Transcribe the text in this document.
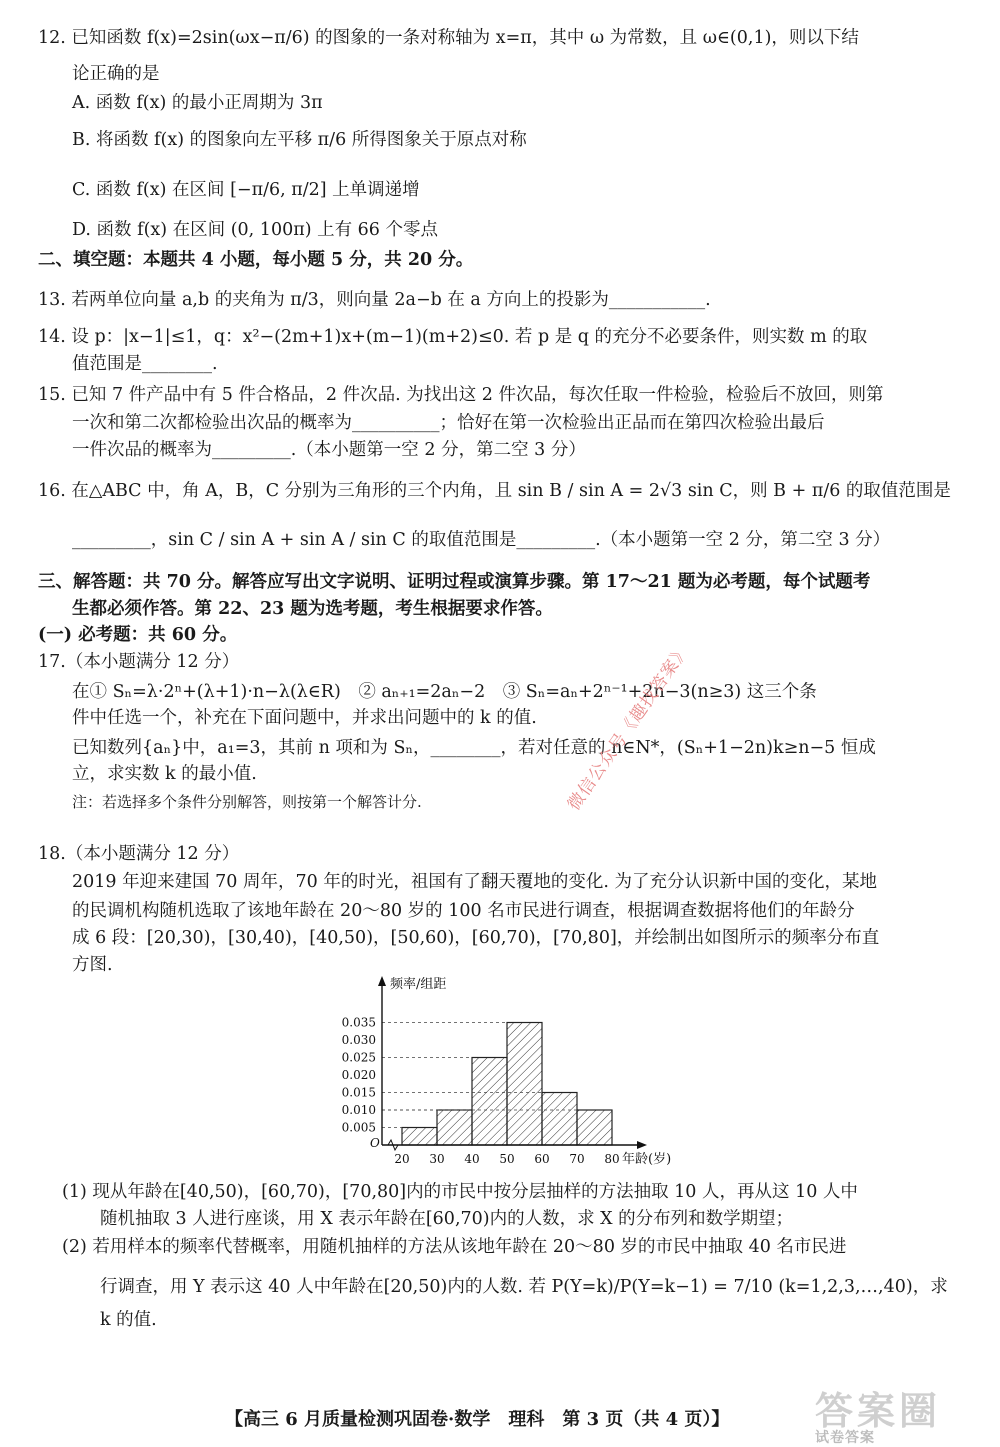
12. 已知函数 f(x)=2sin(ωx−π/6) 的图象的一条对称轴为 x=π，其中 ω 为常数，且 ω∈(0,1)，则以下结
论正确的是
A. 函数 f(x) 的最小正周期为 3π
B. 将函数 f(x) 的图象向左平移 π/6 所得图象关于原点对称
C. 函数 f(x) 在区间 [−π/6, π/2] 上单调递增
D. 函数 f(x) 在区间 (0, 100π) 上有 66 个零点
二、填空题：本题共 4 小题，每小题 5 分，共 20 分。
13. 若两单位向量 a,b 的夹角为 π/3，则向量 2a−b 在 a 方向上的投影为___________.
14. 设 p：|x−1|≤1，q：x²−(2m+1)x+(m−1)(m+2)≤0. 若 p 是 q 的充分不必要条件，则实数 m 的取
值范围是________.
15. 已知 7 件产品中有 5 件合格品，2 件次品. 为找出这 2 件次品，每次任取一件检验，检验后不放回，则第
一次和第二次都检验出次品的概率为__________；恰好在第一次检验出正品而在第四次检验出最后
一件次品的概率为_________.（本小题第一空 2 分，第二空 3 分）
16. 在△ABC 中，角 A，B，C 分别为三角形的三个内角，且 sin B / sin A = 2√3 sin C，则 B + π/6 的取值范围是
_________，sin C / sin A + sin A / sin C 的取值范围是_________.（本小题第一空 2 分，第二空 3 分）
三、解答题：共 70 分。解答应写出文字说明、证明过程或演算步骤。第 17～21 题为必考题，每个试题考
生都必须作答。第 22、23 题为选考题，考生根据要求作答。
(一) 必考题：共 60 分。
17.（本小题满分 12 分）
在① Sₙ=λ·2ⁿ+(λ+1)·n−λ(λ∈R)　② aₙ₊₁=2aₙ−2　③ Sₙ=aₙ+2ⁿ⁻¹+2n−3(n≥3) 这三个条
件中任选一个，补充在下面问题中，并求出问题中的 k 的值.
已知数列{aₙ}中，a₁=3，其前 n 项和为 Sₙ，________，若对任意的 n∈N*，(Sₙ+1−2n)k≥n−5 恒成
立，求实数 k 的最小值.
注：若选择多个条件分别解答，则按第一个解答计分.	微信公众号《趣找答案》
18.（本小题满分 12 分）
2019 年迎来建国 70 周年，70 年的时光，祖国有了翻天覆地的变化. 为了充分认识新中国的变化，某地
的民调机构随机选取了该地年龄在 20～80 岁的 100 名市民进行调查，根据调查数据将他们的年龄分
成 6 段：[20,30)，[30,40)，[40,50)，[50,60)，[60,70)，[70,80]，并绘制出如图所示的频率分布直
方图.
0.005
0.010
0.015
0.020
0.025
0.030
0.035
O
20 30 40 50 60 70 80
频率/组距
年龄(岁)
(1) 现从年龄在[40,50)，[60,70)，[70,80]内的市民中按分层抽样的方法抽取 10 人，再从这 10 人中
随机抽取 3 人进行座谈，用 X 表示年龄在[60,70)内的人数，求 X 的分布列和数学期望；
(2) 若用样本的频率代替概率，用随机抽样的方法从该地年龄在 20～80 岁的市民中抽取 40 名市民进
行调查，用 Y 表示这 40 人中年龄在[20,50)内的人数. 若 P(Y=k)/P(Y=k−1) = 7/10 (k=1,2,3,…,40)，求
k 的值.
【高三 6 月质量检测巩固卷·数学　理科　第 3 页（共 4 页）】 答案圈
试卷答案
